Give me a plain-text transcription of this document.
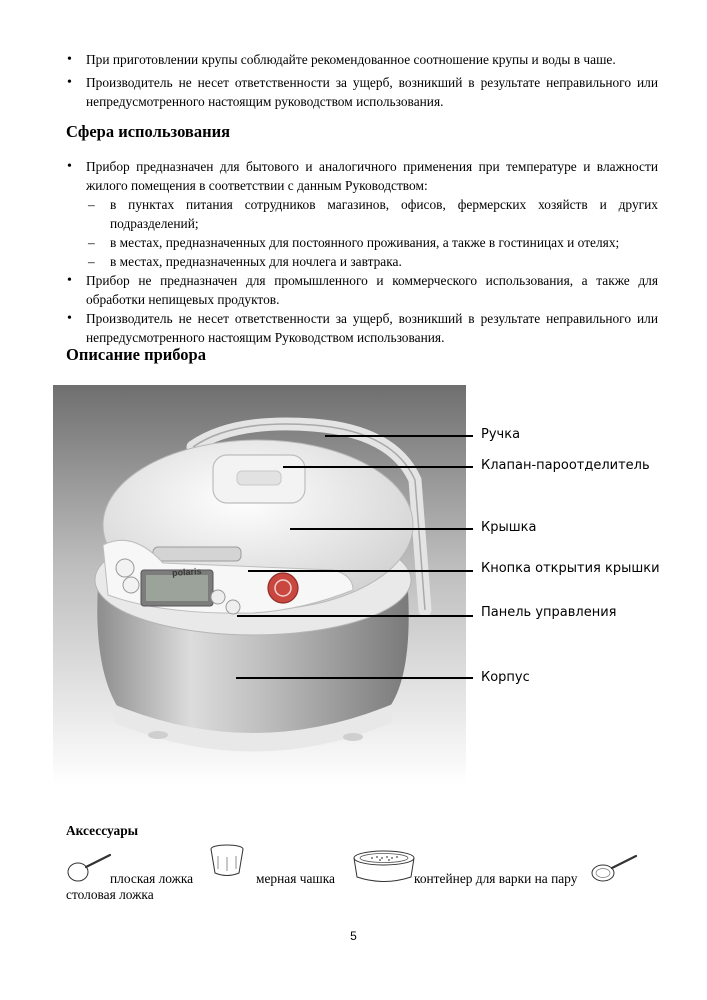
• При приготовлении крупы соблюдайте рекомендованное соотношение крупы и воды в чаше.
• Производитель не несет ответственности за ущерб, возникший в результате неправильного или непредусмотренного настоящим руководством использования.
Сфера использования
• Прибор предназначен для бытового и аналогичного применения при температуре и влажности жилого помещения в соответствии с данным Руководством:
– в пунктах питания сотрудников магазинов, офисов, фермерских хозяйств и других подразделений;
– в местах, предназначенных для постоянного проживания, а также в гостиницах и отелях;
– в местах, предназначенных для ночлега и завтрака.
• Прибор не предназначен для промышленного и коммерческого использования, а также для обработки непищевых продуктов.
• Производитель не несет ответственности за ущерб, возникший в результате неправильного или непредусмотренного настоящим Руководством использования.
Описание прибора
polaris
Ручка
Клапан-пароотделитель
Крышка
Кнопка открытия крышки
Панель управления
Корпус
Аксессуары
плоская ложка	мерная чашка	контейнер для варки на пару
столовая ложка
5
